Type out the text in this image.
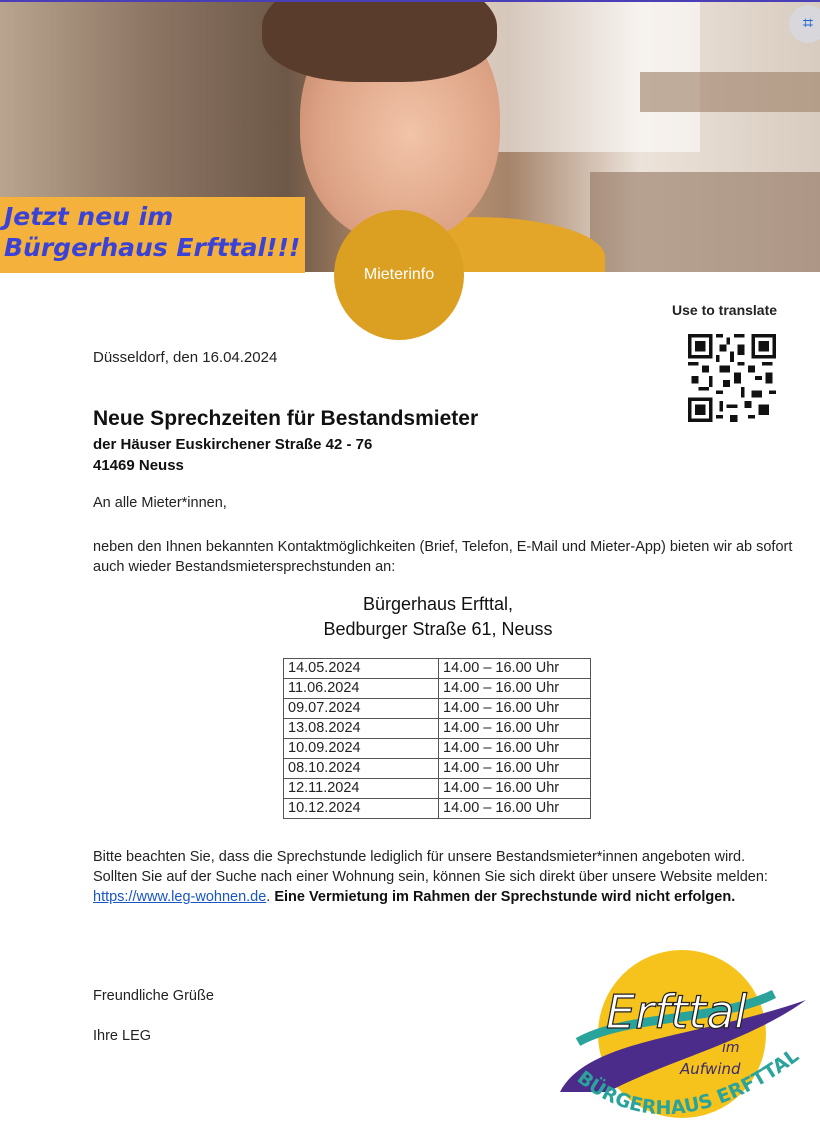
Jetzt neu im
Bürgerhaus Erfttal!!!
Mieterinfo
⌗
Use to translate
Düsseldorf, den 16.04.2024
Neue Sprechzeiten für Bestandsmieter
der Häuser Euskirchener Straße 42 - 76
41469 Neuss
An alle Mieter*innen,
neben den Ihnen bekannten Kontaktmöglichkeiten (Brief, Telefon, E-Mail und Mieter-App) bieten wir ab sofort auch wieder Bestandsmietersprechstunden an:
Bürgerhaus Erfttal,
Bedburger Straße 61, Neuss
14.05.2024	14.00 – 16.00 Uhr
11.06.2024	14.00 – 16.00 Uhr
09.07.2024	14.00 – 16.00 Uhr
13.08.2024	14.00 – 16.00 Uhr
10.09.2024	14.00 – 16.00 Uhr
08.10.2024	14.00 – 16.00 Uhr
12.11.2024	14.00 – 16.00 Uhr
10.12.2024	14.00 – 16.00 Uhr
Bitte beachten Sie, dass die Sprechstunde lediglich für unsere Bestandsmieter*innen angeboten wird.
Sollten Sie auf der Suche nach einer Wohnung sein, können Sie sich direkt über unsere Website melden: https://www.leg-wohnen.de. Eine Vermietung im Rahmen der Sprechstunde wird nicht erfolgen.
Freundliche Grüße
Ihre LEG	Erfttal
im
Aufwind
BÜRGERHAUS ERFTTAL
